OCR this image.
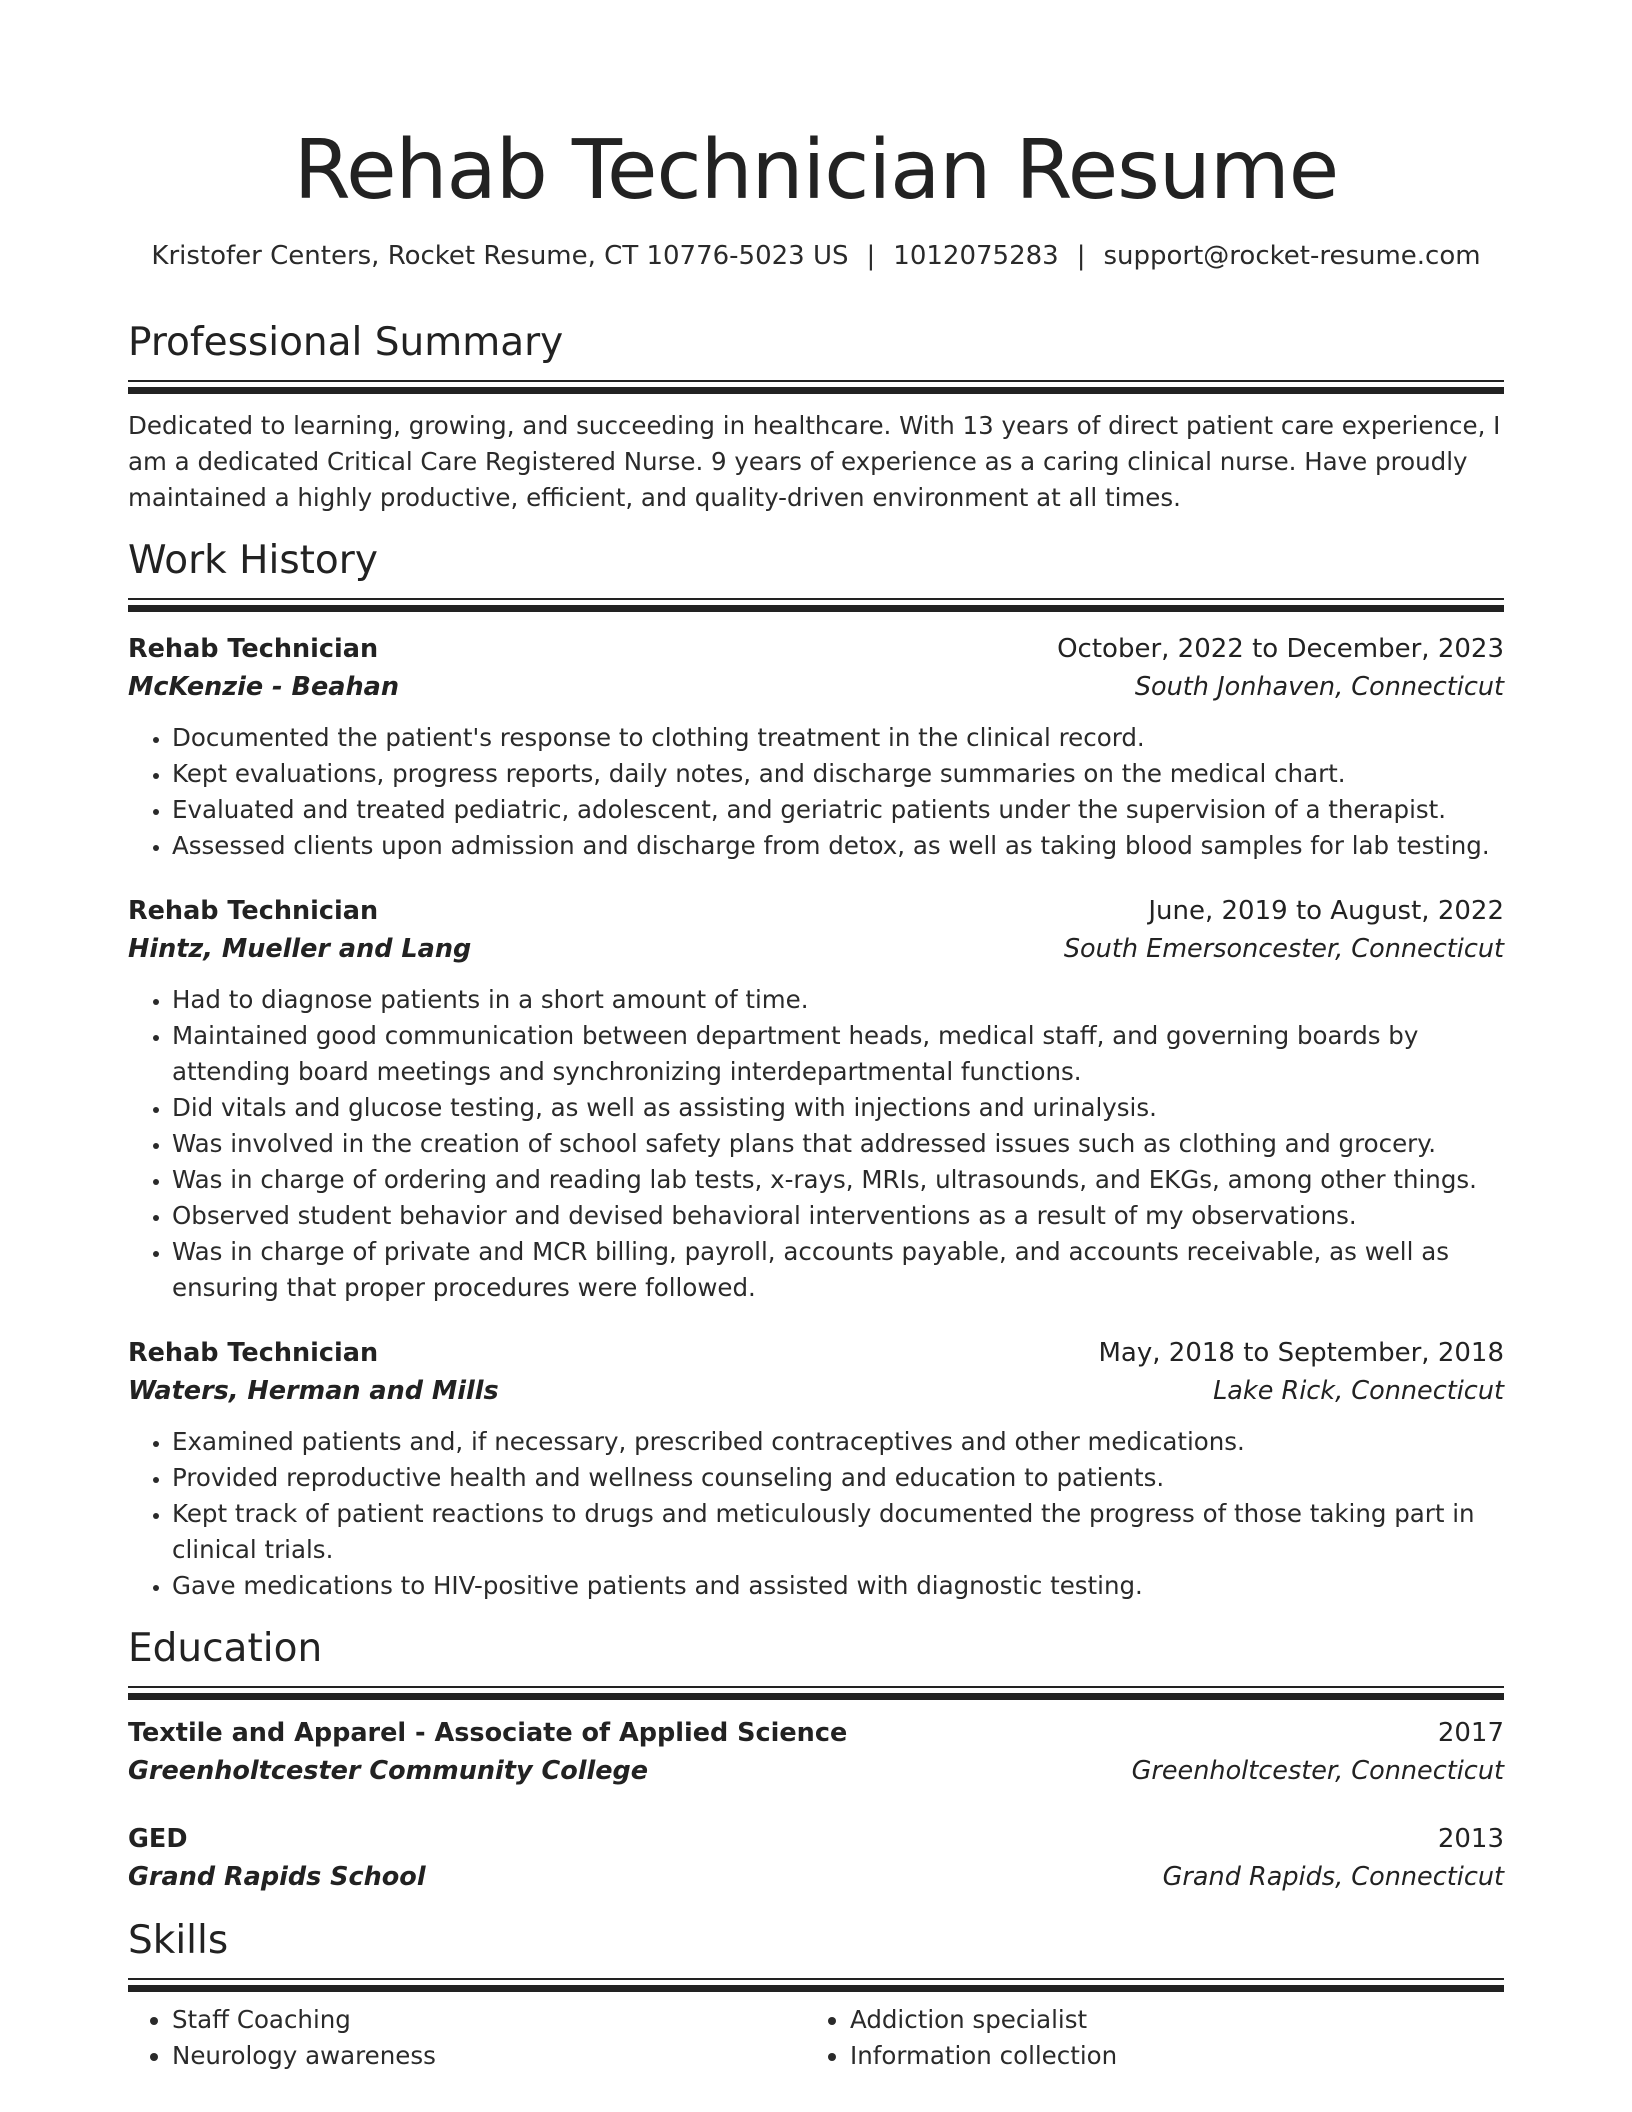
Rehab Technician Resume
Kristofer Centers, Rocket Resume, CT 10776-5023 US | 1012075283 | support@rocket-resume.com
Professional Summary

Dedicated to learning, growing, and succeeding in healthcare. With 13 years of direct patient care experience, I am a dedicated Critical Care Registered Nurse. 9 years of experience as a caring clinical nurse. Have proudly maintained a highly productive, efficient, and quality-driven environment at all times.

Work History
Rehab Technician	October, 2022 to December, 2023
McKenzie - Beahan	South Jonhaven, Connecticut
• Documented the patient's response to clothing treatment in the clinical record.
• Kept evaluations, progress reports, daily notes, and discharge summaries on the medical chart.
• Evaluated and treated pediatric, adolescent, and geriatric patients under the supervision of a therapist.
• Assessed clients upon admission and discharge from detox, as well as taking blood samples for lab testing.
Rehab Technician	June, 2019 to August, 2022
Hintz, Mueller and Lang	South Emersoncester, Connecticut
• Had to diagnose patients in a short amount of time.
• Maintained good communication between department heads, medical staff, and governing boards by attending board meetings and synchronizing interdepartmental functions.
• Did vitals and glucose testing, as well as assisting with injections and urinalysis.
• Was involved in the creation of school safety plans that addressed issues such as clothing and grocery.
• Was in charge of ordering and reading lab tests, x-rays, MRIs, ultrasounds, and EKGs, among other things.
• Observed student behavior and devised behavioral interventions as a result of my observations.
• Was in charge of private and MCR billing, payroll, accounts payable, and accounts receivable, as well as ensuring that proper procedures were followed.
Rehab Technician	May, 2018 to September, 2018
Waters, Herman and Mills	Lake Rick, Connecticut
• Examined patients and, if necessary, prescribed contraceptives and other medications.
• Provided reproductive health and wellness counseling and education to patients.
• Kept track of patient reactions to drugs and meticulously documented the progress of those taking part in clinical trials.
• Gave medications to HIV-positive patients and assisted with diagnostic testing.
Education
Textile and Apparel - Associate of Applied Science	2017
Greenholtcester Community College	Greenholtcester, Connecticut
GED	2013
Grand Rapids School	Grand Rapids, Connecticut
Skills
• Staff Coaching
• Neurology awareness
• Addiction specialist
• Information collection
